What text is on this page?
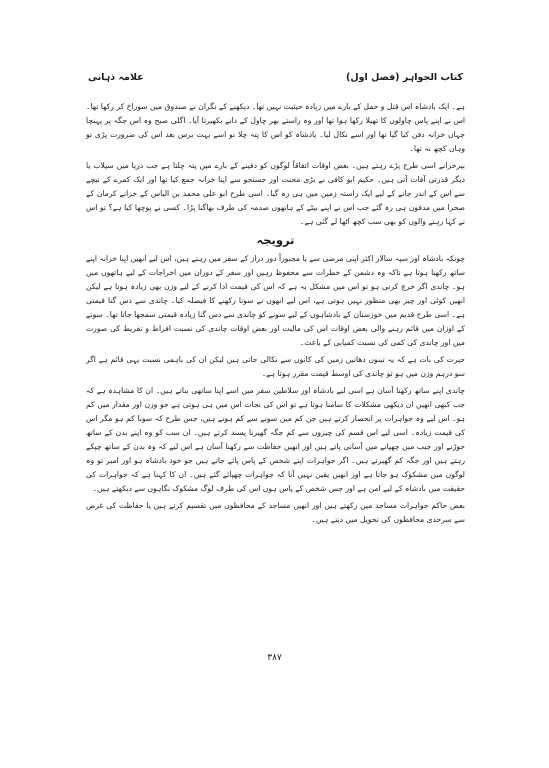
علامہ ذہانی	کتاب الجواہر (فصل اول)

ہے۔ ایک بادشاہ اس قتل و حمل کے بارے میں زیادہ حیثیت نہیں تھا۔ دیکھنے کے نگران نے صندوق میں سوراخ کر رکھا تھا۔ اس نے اپنے پاس چاولوں کا تھیلا رکھا ہوا تھا اور وہ راستے بھر چاول کے دانے بکھیرتا آیا۔ اگلی صبح وہ اس جگہ پر پہنچا جہاں خزانہ دفن کیا گیا تھا اور اسے نکال لیا۔ بادشاہ کو اس کا پتہ چلا تو اسے بہت برس بعد اس کی ضرورت پڑی تو وہاں کچھ نہ تھا۔

بیرخزانے اسی طرح پڑے رہتے ہیں۔ بعض اوقات اتفاقاً لوگوں کو دفینے کے بارے میں پتہ چلتا ہے جب دریا میں سیلاب یا دیگر قدرتی آفات آتی ہیں۔ حکیم ابو کافی نے بڑی محنت اور جستجو سے اپنا خزانہ جمع کیا تھا اور ایک کمرے کے نیچے سے اس کے اندر جانے کے لیے ایک راستہ زمین میں ہی رہ گیا۔ اسی طرح ابو علی محمد بن الیاس کے خزانے کرمان کے صحرا میں مدفون ہی رہ گئے جب اس نے اپنے بیٹے کے ہاتھوں صدمہ کی طرف بھاگنا پڑا۔ کسی نے پوچھا کیا ہے؟ تو اس نے کہا رہنے والوں کو بھی سب کچھ اٹھا لے گئی ہے۔

ترویجہ

چونکہ بادشاہ اور سپہ سالار اکثر اپنی مرضی سے یا مجبوراً دور دراز کے سفر میں رہتے ہیں، اس لیے انھیں اپنا خزانہ اپنے ساتھ رکھنا ہوتا ہے تاکہ وہ دشمن کے خطرات سے محفوظ رہیں اور سفر کے دوران میں اخراجات کے لیے ہاتھوں میں ہو۔ چاندی اگر خرچ کرنی ہو تو اس میں مشکل یہ ہے کہ اس کی قیمت ادا کرنے کے لیے وزن بھی زیادہ ہوتا ہے لیکن انھیں کوئی اور چیز بھی منظور نہیں ہوتی ہے، اس لیے انھوں نے سونا رکھنے کا فیصلہ کیا۔ چاندی سے دس گنا قیمتی ہے۔ اسی طرح قدیم میں خوزستان کے بادشاہوں کے لیے سونے کو چاندی سے دس گنا زیادہ قیمتی سمجھا جاتا تھا۔ سونے کے اوزان میں قائم رہنے والی بعض اوقات اس کی مالیت اور بعض اوقات چاندی کی نسبت افراط و تفریط کی صورت میں اور چاندی کی کمی کی نسبت کمیابی کے باعث۔

حیرت کی بات ہے کہ یہ تینوں دھاتیں زمین کی کانوں سے نکالی جاتی ہیں لیکن ان کی باہمی نسبت یہی قائم ہے اگر سو درہم وزن میں ہو تو چاندی کی اوسط قیمت مقرر ہوتا ہے۔

چاندی اپنے ساتھ رکھنا آسان ہے اسی لیے بادشاہ اور سلاطین سفر میں اسے اپنا ساتھی بناتے ہیں۔ ان کا مشاہدہ ہے کہ جب کبھی انھیں ان دیکھی مشکلات کا سامنا ہوتا ہے تو اس کی نجات اس میں ہی ہوتی ہے جو وزن اور مقدار میں کم ہو۔ اس لیے وہ جواہرات پر انحصار کرتے ہیں جن کم میں سونے سے کم ہوتے ہیں، جس طرح کہ سونا کم ہو مگر اس کی قیمت زیادہ۔ اسی لیے اس قسم کی چیزوں سے کم جگہ گھیرنا پسند کرتے ہیں۔ ان سب کو وہ اپنے بدن کے ساتھ جوڑنے اور جیب میں چھپانے میں آسانی پاتے ہیں اور انھیں حفاظت سے رکھنا آسان ہے اس لیے کہ وہ بدن کے ساتھ چپکے رہتے ہیں اور جگہ کم گھیرتے ہیں۔ اگر جواہرات اپنے شخص کے پاس پائے جاتے ہیں جو خود بادشاہ ہو اور امیر تو وہ لوگوں میں مشکوک ہو جاتا ہے اور انھیں یقین نہیں آتا کہ جواہرات چھپائے گئے ہیں۔ ان کا کہنا ہے کہ جواہرات کی حقیقت میں بادشاہ کے لیے امن ہے اور جس شخص کے پاس ہوں اس کی طرف لوگ مشکوک نگاہوں سے دیکھتے ہیں۔

بعض حاکم جواہرات مساجد میں رکھتے ہیں اور انھیں مساجد کے محافظوں میں تقسیم کرتے ہیں یا حفاظت کی غرض سے سرحدی محافظوں کی تحویل میں دیتے ہیں۔

۳۸۷
